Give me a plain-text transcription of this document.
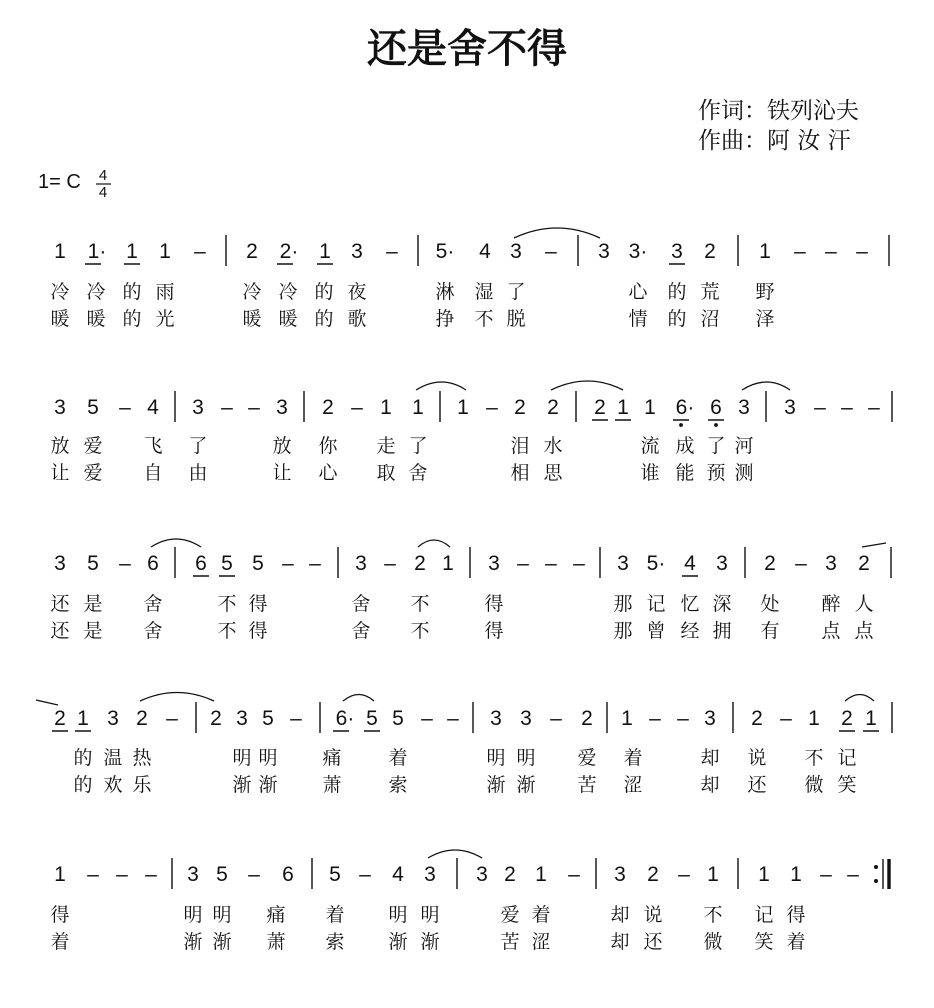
还是舍不得
作词：铁列沁夫
作曲：阿 汝 汗
1= C 4
4
1 1· 1 1 – 2 2· 1 3 – 5· 4 3 – 3 3· 3 2 1 – – –
冷 冷 的 雨	冷 冷 的 夜	淋 湿 了	心 的 荒 野
暖 暖 的 光	暖 暖 的 歌	挣 不 脱	情 的 沼 泽
3 5 – 4 3 – – 3 2 – 1 1 1 – 2 2 2 1 1 6· 6 3 3 – – –
放 爱 飞 了	放 你 走 了	泪 水	流 成 了 河
让 爱 自 由	让 心 取 舍	相 思	谁 能 预 测
3 5 – 6 6 5 5 – – 3 – 2 1 3 – – – 3 5· 4 3 2 – 3 2
还 是 舍	不 得	舍 不	得	那 记 忆 深 处 醉 人
还 是 舍	不 得	舍 不	得	那 曾 经 拥 有 点 点
2 1 3 2 – 2 3 5 – 6· 5 5 – – 3 3 – 2 1 – – 3 2 – 1 2 1
的 温 热	明 明 痛 着	明 明 爱 着	却 说 不 记
的 欢 乐	渐 渐 萧 索	渐 渐 苦 涩	却 还 微 笑
1 – – – 3 5 – 6 5 – 4 3 3 2 1 – 3 2 – 1 1 1 – –
得	明 明 痛 着 明 明	爱 着	却 说 不 记 得
着	渐 渐 萧 索 渐 渐	苦 涩	却 还 微 笑 着
